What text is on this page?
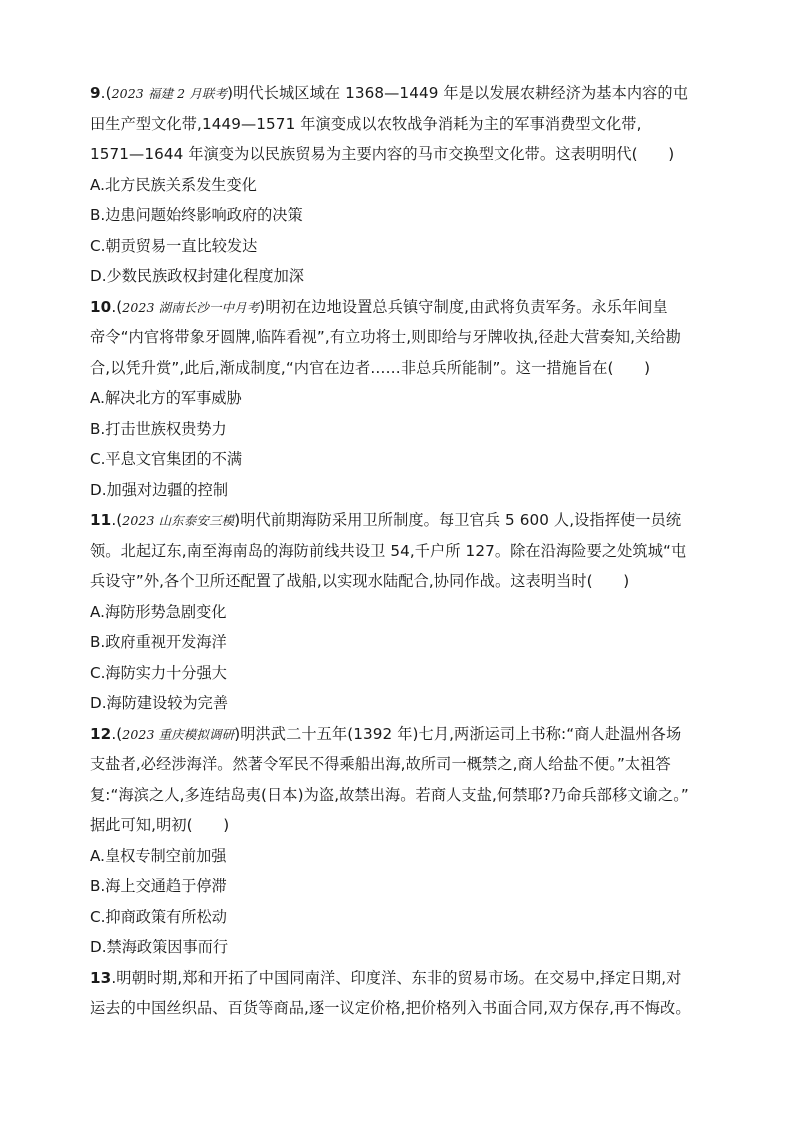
9.(2023 福建 2 月联考)明代长城区域在 1368—1449 年是以发展农耕经济为基本内容的屯
田生产型文化带,1449—1571 年演变成以农牧战争消耗为主的军事消费型文化带,
1571—1644 年演变为以民族贸易为主要内容的马市交换型文化带。这表明明代(　　)
A.北方民族关系发生变化
B.边患问题始终影响政府的决策
C.朝贡贸易一直比较发达
D.少数民族政权封建化程度加深
10.(2023 湖南长沙一中月考)明初在边地设置总兵镇守制度,由武将负责军务。永乐年间皇
帝令“内官将带象牙圆牌,临阵看视”,有立功将士,则即给与牙牌收执,径赴大营奏知,关给勘
合,以凭升赏”,此后,渐成制度,“内官在边者……非总兵所能制”。这一措施旨在(　　)
A.解决北方的军事威胁
B.打击世族权贵势力
C.平息文官集团的不满
D.加强对边疆的控制
11.(2023 山东泰安三模)明代前期海防采用卫所制度。每卫官兵 5 600 人,设指挥使一员统
领。北起辽东,南至海南岛的海防前线共设卫 54,千户所 127。除在沿海险要之处筑城“屯
兵设守”外,各个卫所还配置了战船,以实现水陆配合,协同作战。这表明当时(　　)
A.海防形势急剧变化
B.政府重视开发海洋
C.海防实力十分强大
D.海防建设较为完善
12.(2023 重庆模拟调研)明洪武二十五年(1392 年)七月,两浙运司上书称:“商人赴温州各场
支盐者,必经涉海洋。然著令军民不得乘船出海,故所司一概禁之,商人给盐不便。”太祖答
复:“海滨之人,多连结岛夷(日本)为盗,故禁出海。若商人支盐,何禁耶?乃命兵部移文谕之。”
据此可知,明初(　　)
A.皇权专制空前加强
B.海上交通趋于停滞
C.抑商政策有所松动
D.禁海政策因事而行
13.明朝时期,郑和开拓了中国同南洋、印度洋、东非的贸易市场。在交易中,择定日期,对
运去的中国丝织品、百货等商品,逐一议定价格,把价格列入书面合同,双方保存,再不悔改。
